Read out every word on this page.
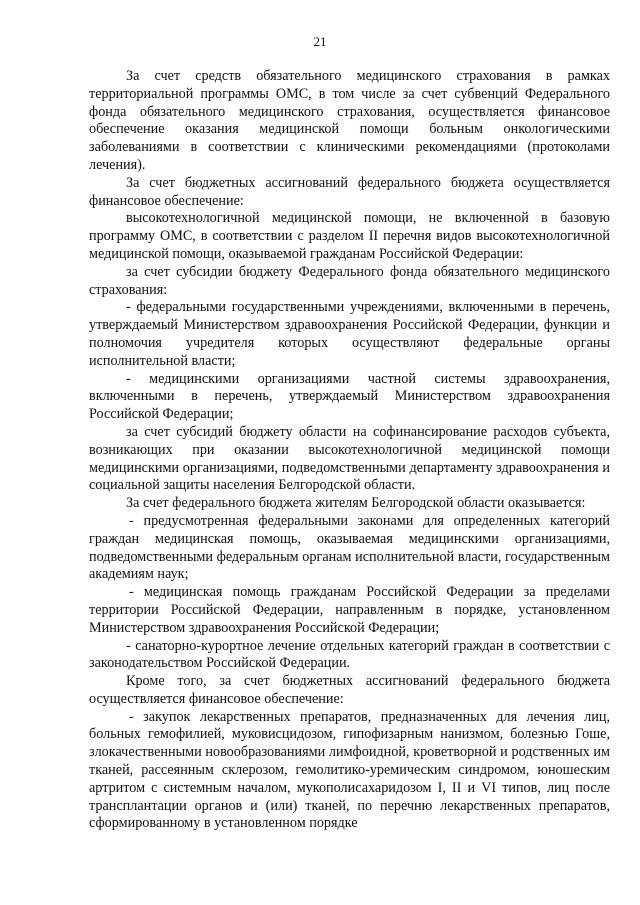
21

За счет средств обязательного медицинского страхования в рамках территориальной программы ОМС, в том числе за счет субвенций Федерального фонда обязательного медицинского страхования, осуществляется финансовое обеспечение оказания медицинской помощи больным онкологическими заболеваниями в соответствии с клиническими рекомендациями (протоколами лечения).

За счет бюджетных ассигнований федерального бюджета осуществляется финансовое обеспечение:

высокотехнологичной медицинской помощи, не включенной в базовую программу ОМС, в соответствии с разделом II перечня видов высокотехнологичной медицинской помощи, оказываемой гражданам Российской Федерации:

за счет субсидии бюджету Федерального фонда обязательного медицинского страхования:

- федеральными государственными учреждениями, включенными в перечень, утверждаемый Министерством здравоохранения Российской Федерации, функции и полномочия учредителя которых осуществляют федеральные органы исполнительной власти;

- медицинскими организациями частной системы здравоохранения, включенными в перечень, утверждаемый Министерством здравоохранения Российской Федерации;

за счет субсидий бюджету области на софинансирование расходов субъекта, возникающих при оказании высокотехнологичной медицинской помощи медицинскими организациями, подведомственными департаменту здравоохранения и социальной защиты населения Белгородской области.

За счет федерального бюджета жителям Белгородской области оказывается:

- предусмотренная федеральными законами для определенных категорий граждан медицинская помощь, оказываемая медицинскими организациями, подведомственными федеральным органам исполнительной власти, государственным академиям наук;

- медицинская помощь гражданам Российской Федерации за пределами территории Российской Федерации, направленным в порядке, установленном Министерством здравоохранения Российской Федерации;

- санаторно-курортное лечение отдельных категорий граждан в соответствии с законодательством Российской Федерации.

Кроме того, за счет бюджетных ассигнований федерального бюджета осуществляется финансовое обеспечение:

- закупок лекарственных препаратов, предназначенных для лечения лиц, больных гемофилией, муковисцидозом, гипофизарным нанизмом, болезнью Гоше, злокачественными новообразованиями лимфоидной, кроветворной и родственных им тканей, рассеянным склерозом, гемолитико-уремическим синдромом, юношеским артритом с системным началом, мукополисахаридозом I, II и VI типов, лиц после трансплантации органов и (или) тканей, по перечню лекарственных препаратов, сформированному в установленном порядке
